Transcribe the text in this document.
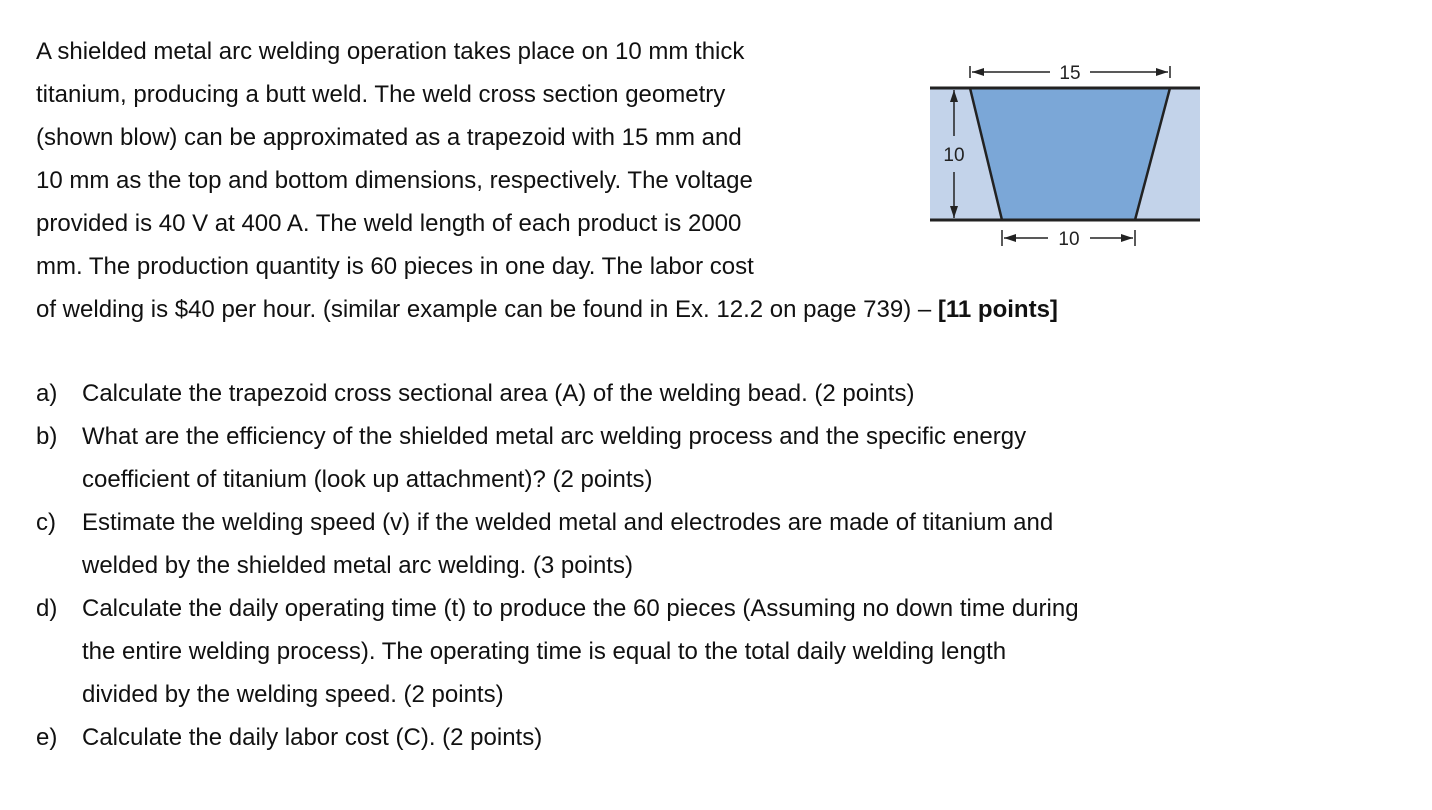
A shielded metal arc welding operation takes place on 10 mm thick
titanium, producing a butt weld. The weld cross section geometry
(shown blow) can be approximated as a trapezoid with 15 mm and
10 mm as the top and bottom dimensions, respectively. The voltage
provided is 40 V at 400 A. The weld length of each product is 2000
mm. The production quantity is 60 pieces in one day. The labor cost
of welding is $40 per hour. (similar example can be found in Ex. 12.2 on page 739) – [11 points]
15
10
10
a) Calculate the trapezoid cross sectional area (A) of the welding bead. (2 points)
b) What are the efficiency of the shielded metal arc welding process and the specific energy
coefficient of titanium (look up attachment)? (2 points)
c) Estimate the welding speed (v) if the welded metal and electrodes are made of titanium and
welded by the shielded metal arc welding. (3 points)
d) Calculate the daily operating time (t) to produce the 60 pieces (Assuming no down time during
the entire welding process). The operating time is equal to the total daily welding length
divided by the welding speed. (2 points)
e) Calculate the daily labor cost (C). (2 points)
